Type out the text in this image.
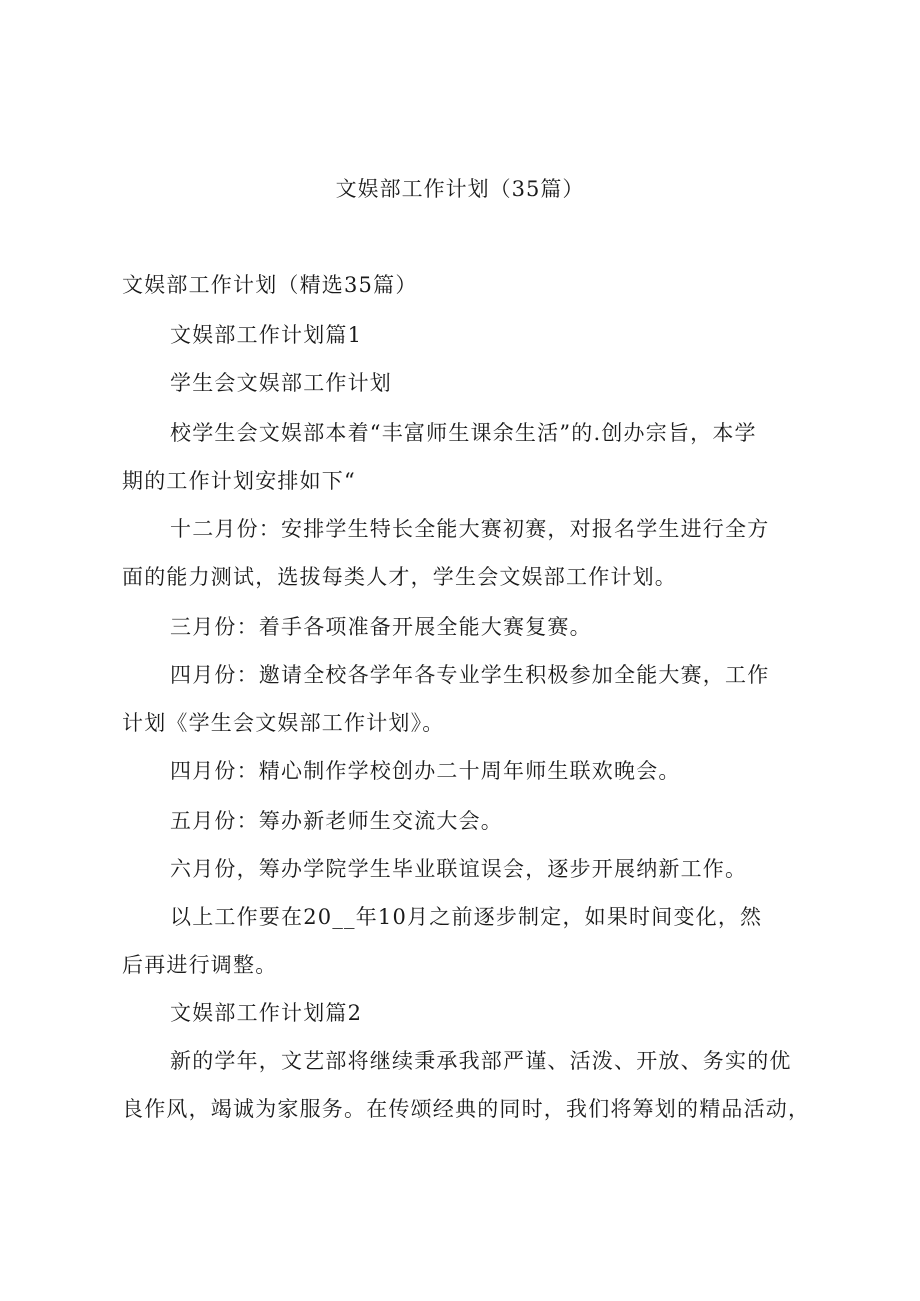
文娱部工作计划（35篇）
文娱部工作计划（精选35篇）
文娱部工作计划篇1
学生会文娱部工作计划
校学生会文娱部本着“丰富师生课余生活”的.创办宗旨，本学
期的工作计划安排如下“
十二月份：安排学生特长全能大赛初赛，对报名学生进行全方
面的能力测试，选拔每类人才，学生会文娱部工作计划。
三月份：着手各项准备开展全能大赛复赛。
四月份：邀请全校各学年各专业学生积极参加全能大赛，工作
计划《学生会文娱部工作计划》。
四月份：精心制作学校创办二十周年师生联欢晚会。
五月份：筹办新老师生交流大会。
六月份，筹办学院学生毕业联谊误会，逐步开展纳新工作。
以上工作要在20__年10月之前逐步制定，如果时间变化，然
后再进行调整。
文娱部工作计划篇2
新的学年，文艺部将继续秉承我部严谨、活泼、开放、务实的优
良作风，竭诚为家服务。在传颂经典的同时，我们将筹划的精品活动，
